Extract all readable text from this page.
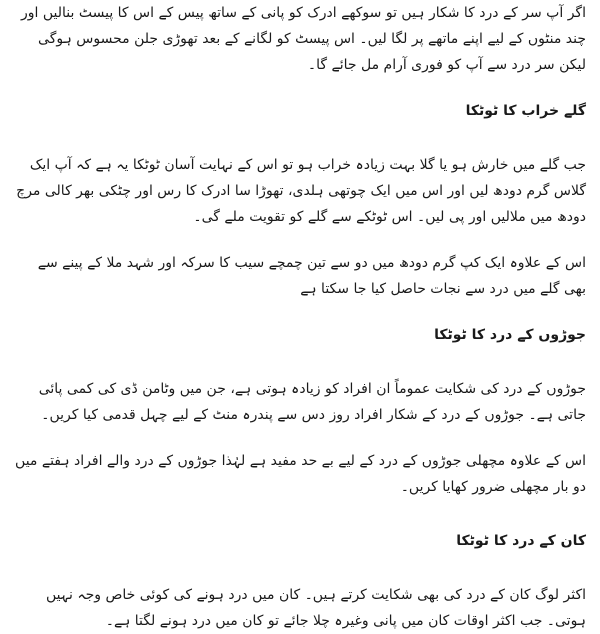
اگر آپ سر کے درد کا شکار ہیں تو سوکھے ادرک کو پانی کے ساتھ پیس کے اس کا پیسٹ بنالیں اور چند منٹوں کے لیے اپنے ماتھے پر لگا لیں۔ اس پیسٹ کو لگانے کے بعد تھوڑی جلن محسوس ہوگی لیکن سر درد سے آپ کو فوری آرام مل جائے گا۔

گلے خراب کا ٹوٹکا

جب گلے میں خارش ہو یا گلا بہت زیادہ خراب ہو تو اس کے نہایت آسان ٹوٹکا یہ ہے کہ آپ ایک گلاس گرم دودھ لیں اور اس میں ایک چوتھی ہلدی، تھوڑا سا ادرک کا رس اور چٹکی بھر کالی مرچ دودھ میں ملالیں اور پی لیں۔ اس ٹوٹکے سے گلے کو تقویت ملے گی۔

اس کے علاوہ ایک کپ گرم دودھ میں دو سے تین چمچے سیب کا سرکہ اور شہد ملا کے پینے سے بھی گلے میں درد سے نجات حاصل کیا جا سکتا ہے

جوڑوں کے درد کا ٹوٹکا

جوڑوں کے درد کی شکایت عموماً ان افراد کو زیادہ ہوتی ہے، جن میں وٹامن ڈی کی کمی پائی جاتی ہے۔ جوڑوں کے درد کے شکار افراد روز دس سے پندرہ منٹ کے لیے چہل قدمی کیا کریں۔

اس کے علاوہ مچھلی جوڑوں کے درد کے لیے بے حد مفید ہے لہٰذا جوڑوں کے درد والے افراد ہفتے میں دو بار مچھلی ضرور کھایا کریں۔

کان کے درد کا ٹوٹکا

اکثر لوگ کان کے درد کی بھی شکایت کرتے ہیں۔ کان میں درد ہونے کی کوئی خاص وجہ نہیں ہوتی۔ جب اکثر اوقات کان میں پانی وغیرہ چلا جائے تو کان میں درد ہونے لگتا ہے۔
